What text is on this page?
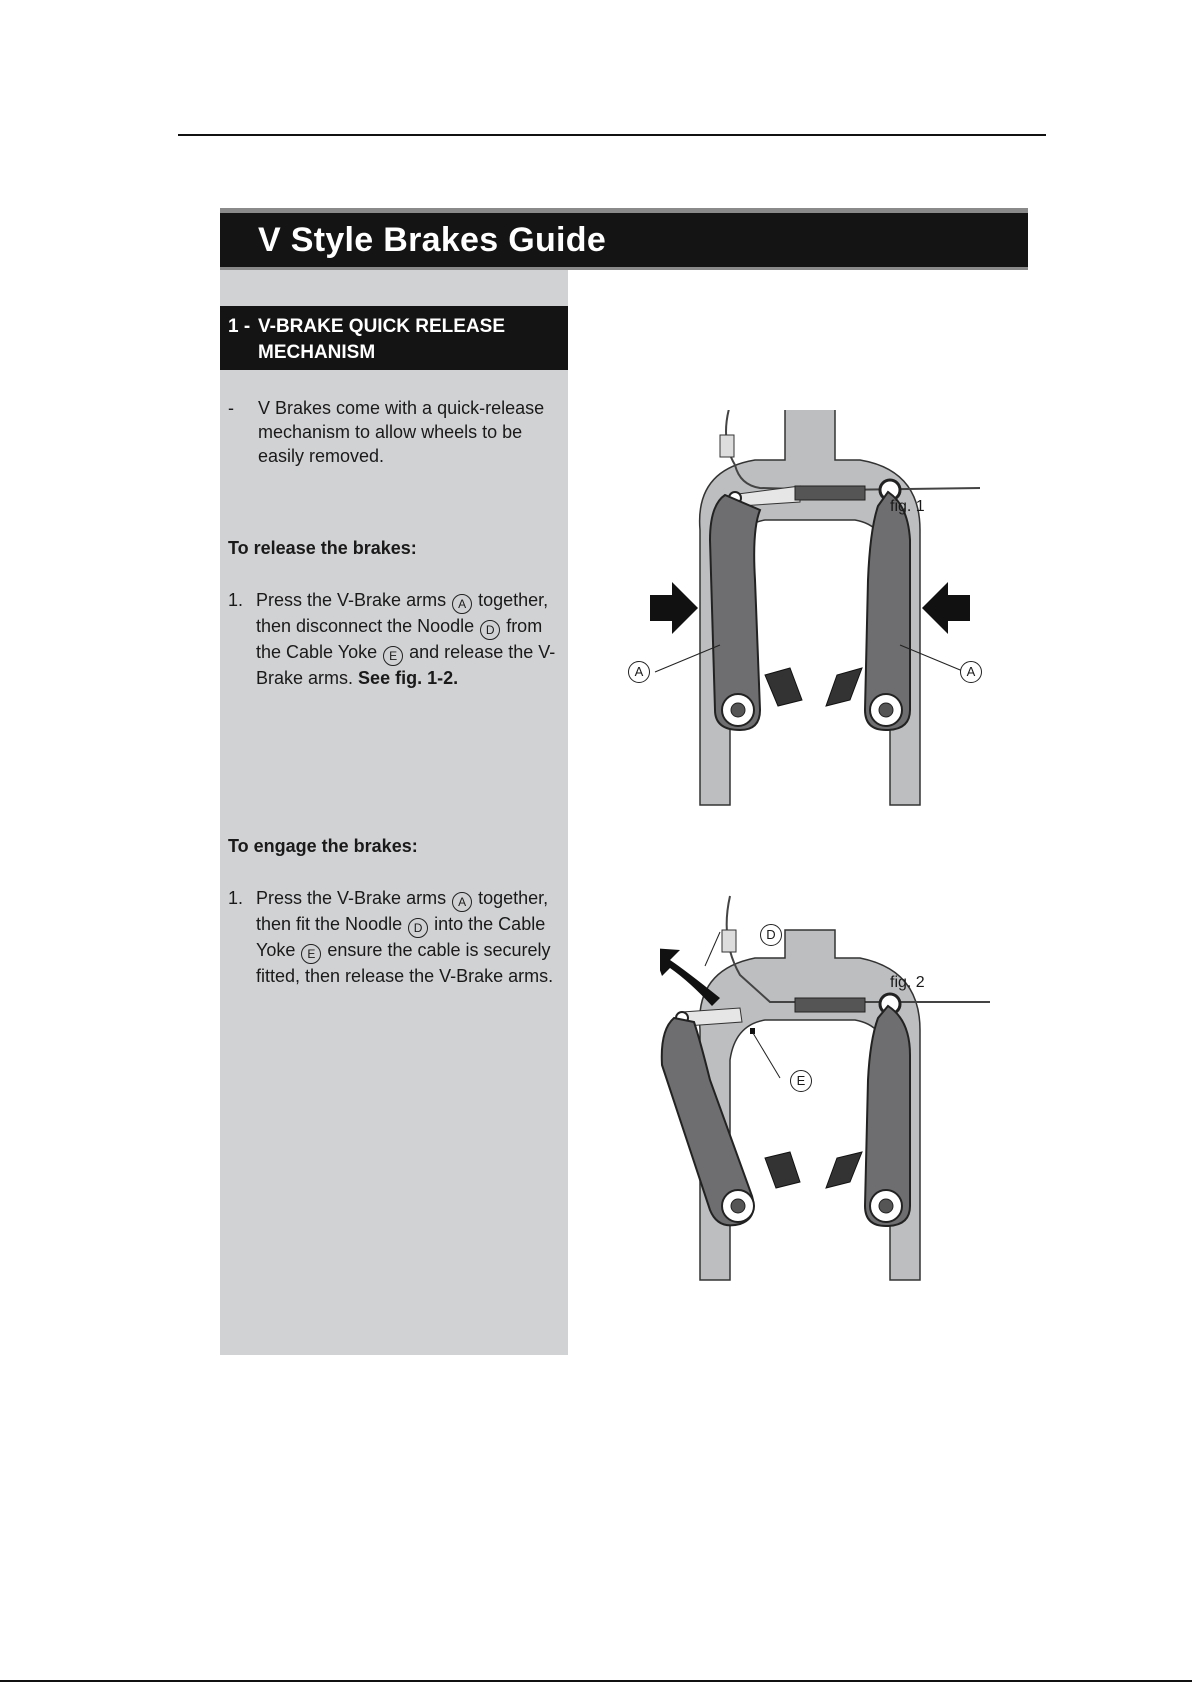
V Style Brakes Guide
1 - V-BRAKE QUICK RELEASE
MECHANISM
- V Brakes come with a quick-release mechanism to allow wheels to be easily removed.
To release the brakes:
1. Press the V-Brake arms A together, then disconnect the Noodle D from the Cable Yoke E and release the V-Brake arms. See fig. 1-2.
To engage the brakes:
1. Press the V-Brake arms A together, then fit the Noodle D into the Cable Yoke E ensure the cable is securely fitted, then release the V-Brake arms.
fig. 1
A	A
fig. 2
D
E
